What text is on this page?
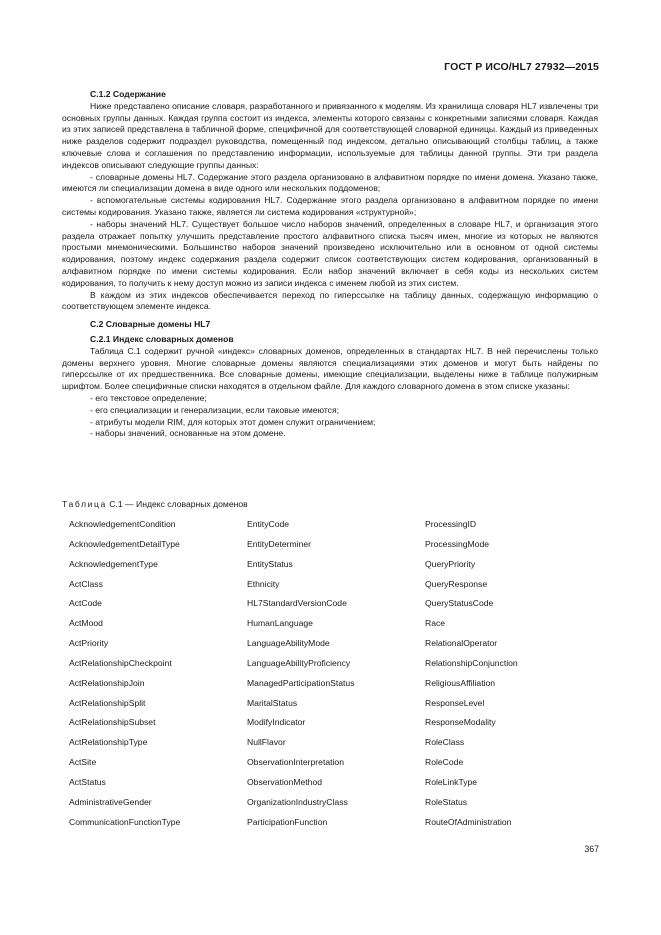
ГОСТ Р ИСО/HL7 27932—2015

С.1.2 Содержание

Ниже представлено описание словаря, разработанного и привязанного к моделям. Из хранилища словаря HL7 извлечены три основных группы данных. Каждая группа состоит из индекса, элементы которого связаны с конкретными записями словаря. Каждая из этих записей представлена в табличной форме, специфичной для соответствующей словарной единицы. Каждый из приведенных ниже разделов содержит подраздел руководства, помещенный под индексом, детально описывающий столбцы таблиц, а также ключевые слова и соглашения по представлению информации, используемые для таблицы данной группы. Эти три раздела индексов описывают следующие группы данных:

- словарные домены HL7. Содержание этого раздела организовано в алфавитном порядке по имени домена. Указано также, имеются ли специализации домена в виде одного или нескольких поддоменов;

- вспомогательные системы кодирования HL7. Содержание этого раздела организовано в алфавитном порядке по имени системы кодирования. Указано также, является ли система кодирования «структурной»;

- наборы значений HL7. Существует большое число наборов значений, определенных в словаре HL7, и организация этого раздела отражает попытку улучшить представление простого алфавитного списка тысяч имен, многие из которых не являются простыми мнемоническими. Большинство наборов значений произведено исключительно или в основном от одной системы кодирования, поэтому индекс содержания раздела содержит список соответствующих систем кодирования, организованный в алфавитном порядке по имени системы кодирования. Если набор значений включает в себя коды из нескольких систем кодирования, то получить к нему доступ можно из записи индекса с именем любой из этих систем.

В каждом из этих индексов обеспечивается переход по гиперссылке на таблицу данных, содержащую информацию о соответствующем элементе индекса.

С.2 Словарные домены HL7

С.2.1 Индекс словарных доменов

Таблица С.1 содержит ручной «индекс» словарных доменов, определенных в стандартах HL7. В ней перечислены только домены верхнего уровня. Многие словарные домены являются специализациями этих доменов и могут быть найдены по гиперссылке от их предшественника. Все словарные домены, имеющие специализации, выделены ниже в таблице полужирным шрифтом. Более специфичные списки находятся в отдельном файле. Для каждого словарного домена в этом списке указаны:

- его текстовое определение;

- его специализации и генерализации, если таковые имеются;

- атрибуты модели RIM, для которых этот домен служит ограничением;

- наборы значений, основанные на этом домене.

Таблица С.1 — Индекс словарных доменов
AcknowledgementCondition	EntityCode	ProcessingID
AcknowledgementDetailType	EntityDeterminer	ProcessingMode
AcknowledgementType	EntityStatus	QueryPriority
ActClass	Ethnicity	QueryResponse
ActCode	HL7StandardVersionCode	QueryStatusCode
ActMood	HumanLanguage	Race
ActPriority	LanguageAbilityMode	RelationalOperator
ActRelationshipCheckpoint	LanguageAbilityProficiency	RelationshipConjunction
ActRelationshipJoin	ManagedParticipationStatus	ReligiousAffiliation
ActRelationshipSplit	MaritalStatus	ResponseLevel
ActRelationshipSubset	ModifyIndicator	ResponseModality
ActRelationshipType	NullFlavor	RoleClass
ActSite	ObservationInterpretation	RoleCode
ActStatus	ObservationMethod	RoleLinkType
AdministrativeGender	OrganizationIndustryClass	RoleStatus
CommunicationFunctionType	ParticipationFunction	RouteOfAdministration
367
